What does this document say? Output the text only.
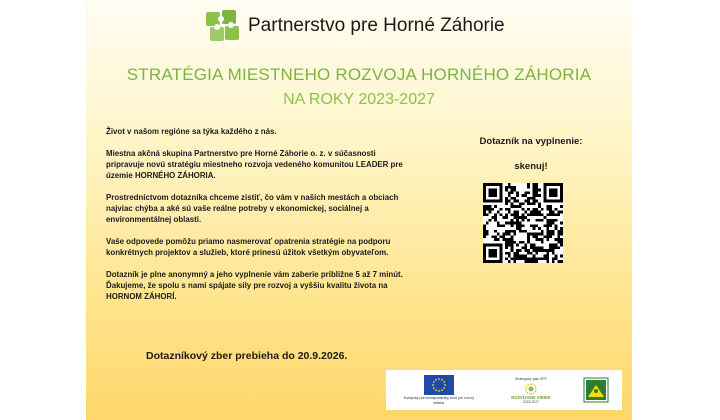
Partnerstvo pre Horné Záhorie
STRATÉGIA MIESTNEHO ROZVOJA HORNÉHO ZÁHORIA
NA ROKY 2023-2027

Život v našom regióne sa týka každého z nás.

Miestna akčná skupina Partnerstvo pre Horné Záhorie o. z. v súčasnosti pripravuje novú stratégiu miestneho rozvoja vedeného komunitou LEADER pre územie HORNÉHO ZÁHORIA.

Prostredníctvom dotazníka chceme zistiť, čo vám v našich mestách a obciach najviac chýba a aké sú vaše reálne potreby v ekonomickej, sociálnej a environmentálnej oblasti.

Vaše odpovede pomôžu priamo nasmerovať opatrenia stratégie na podporu konkrétnych projektov a služieb, ktoré prinesú úžitok všetkým obyvateľom.

Dotazník je plne anonymný a jeho vyplnenie vám zaberie približne 5 až 7 minút. Ďakujeme, že spolu s nami spájate sily pre rozvoj a vyššiu kvalitu života na HORNOM ZÁHORÍ.

Dotazníkový zber prebieha do 20.9.2026.
Dotazník na vyplnenie:
skenuj!
Európsky poľnohospodársky fond pre rozvoj vidieka
Strategický plán SPP
ROZVÍJAME VIDIEK
2023-2027
